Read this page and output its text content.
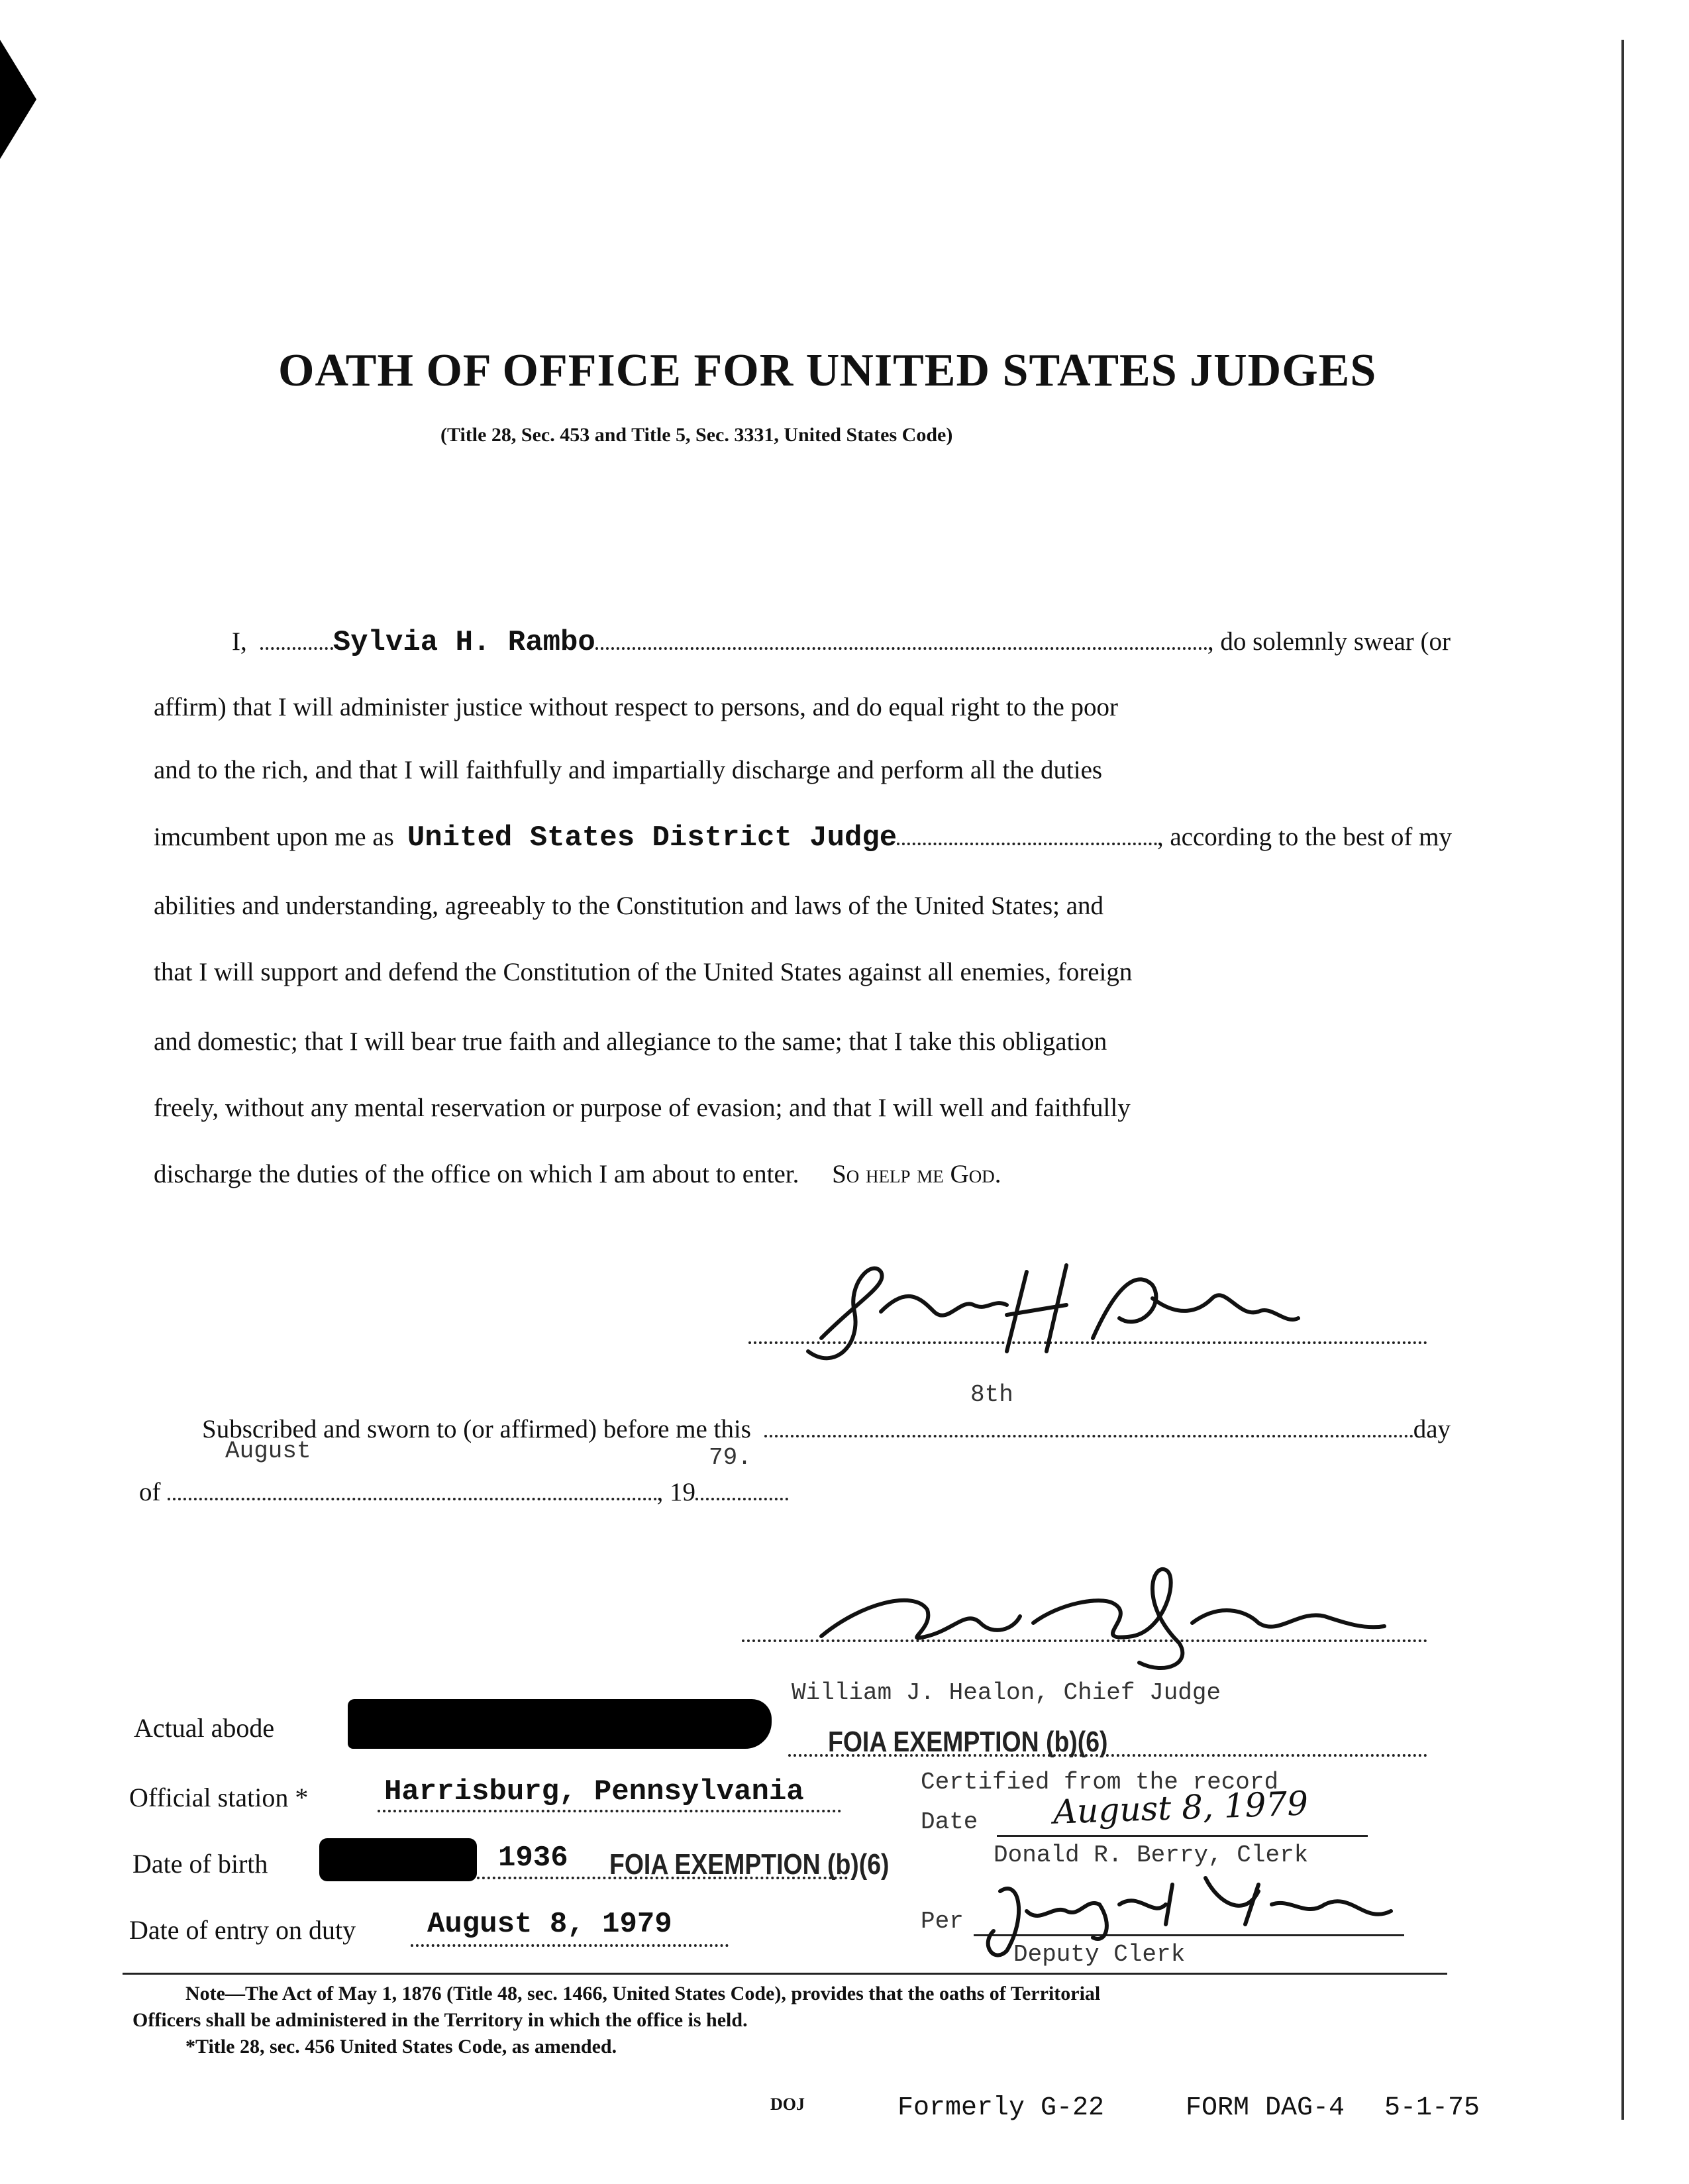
OATH OF OFFICE FOR UNITED STATES JUDGES
(Title 28, Sec. 453 and Title 5, Sec. 3331, United States Code)
I,	Sylvia H. Rambo	, do solemnly swear (or
affirm) that I will administer justice without respect to persons, and do equal right to the poor
and to the rich, and that I will faithfully and impartially discharge and perform all the duties
imcumbent upon me as United States District Judge	, according to the best of my
abilities and understanding, agreeably to the Constitution and laws of the United States; and
that I will support and defend the Constitution of the United States against all enemies, foreign
and domestic; that I will bear true faith and allegiance to the same; that I take this obligation
freely, without any mental reservation or purpose of evasion; and that I will well and faithfully
discharge the duties of the office on which I am about to enter. So help me God.
8th
Subscribed and sworn to (or affirmed) before me this	day
August	79.
of	, 19
William J. Healon, Chief Judge
FOIA EXEMPTION (b)(6)
Certified from the record
Date August 8, 1979
Donald R. Berry, Clerk
Per
Deputy Clerk
Actual abode
Official station *	Harrisburg, Pennsylvania
Date of birth	1936 FOIA EXEMPTION (b)(6)
Date of entry on duty August 8, 1979
Note—The Act of May 1, 1876 (Title 48, sec. 1466, United States Code), provides that the oaths of Territorial
Officers shall be administered in the Territory in which the office is held.
*Title 28, sec. 456 United States Code, as amended.
DOJ	Formerly G-22	FORM DAG-4 5-1-75
